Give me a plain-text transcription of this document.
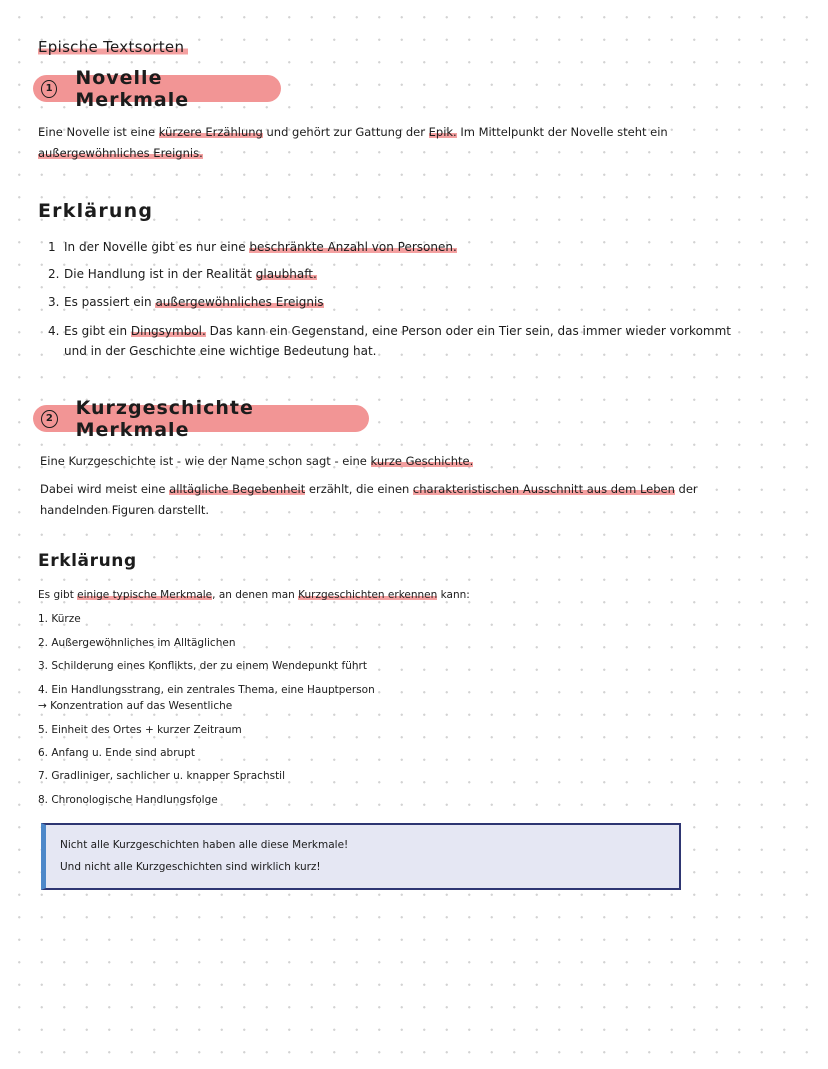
Epische Textsorten
1 Novelle Merkmale
Eine Novelle ist eine kürzere Erzählung und gehört zur Gattung der Epik. Im Mittelpunkt der Novelle steht ein
außergewöhnliches Ereignis.
Erklärung
1 In der Novelle gibt es nur eine beschränkte Anzahl von Personen.
2. Die Handlung ist in der Realität glaubhaft.
3. Es passiert ein außergewöhnliches Ereignis
4. Es gibt ein Dingsymbol. Das kann ein Gegenstand, eine Person oder ein Tier sein, das immer wieder vorkommt
und in der Geschichte eine wichtige Bedeutung hat.
2 Kurzgeschichte Merkmale
Eine Kurzgeschichte ist - wie der Name schon sagt - eine kurze Geschichte.
Dabei wird meist eine alltägliche Begebenheit erzählt, die einen charakteristischen Ausschnitt aus dem Leben der
handelnden Figuren darstellt.
Erklärung
Es gibt einige typische Merkmale, an denen man Kurzgeschichten erkennen kann:
1. Kürze
2. Außergewöhnliches im Alltäglichen
3. Schilderung eines Konflikts, der zu einem Wendepunkt führt
4. Ein Handlungsstrang, ein zentrales Thema, eine Hauptperson
→ Konzentration auf das Wesentliche
5. Einheit des Ortes + kurzer Zeitraum
6. Anfang u. Ende sind abrupt
7. Gradliniger, sachlicher u. knapper Sprachstil
8. Chronologische Handlungsfolge
Nicht alle Kurzgeschichten haben alle diese Merkmale!
Und nicht alle Kurzgeschichten sind wirklich kurz!
